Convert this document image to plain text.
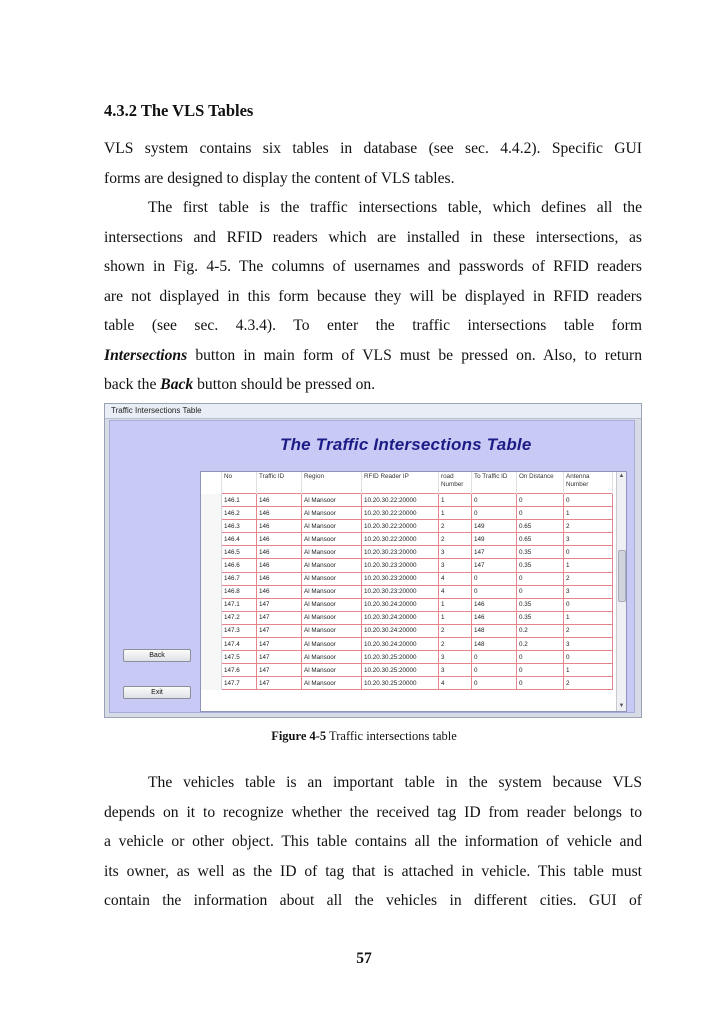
4.3.2 The VLS Tables
VLS system contains six tables in database (see sec. 4.4.2). Specific GUI
forms are designed to display the content of VLS tables.
The first table is the traffic intersections table, which defines all the
intersections and RFID readers which are installed in these intersections, as
shown in Fig. 4-5. The columns of usernames and passwords of RFID readers
are not displayed in this form because they will be displayed in RFID readers
table (see sec. 4.3.4). To enter the traffic intersections table form
Intersections button in main form of VLS must be pressed on. Also, to return
back the Back button should be pressed on.
Traffic Intersections Table
The Traffic Intersections Table
	No	Traffic ID	Region	RFID Reader IP	road Number	To Traffic ID	On Distance	Antenna Number
	146.1	146	Al Mansoor	10.20.30.22:20000	1	0	0	0
	146.2	146	Al Mansoor	10.20.30.22:20000	1	0	0	1
	146.3	146	Al Mansoor	10.20.30.22:20000	2	149	0.65	2
	146.4	146	Al Mansoor	10.20.30.22:20000	2	149	0.65	3
	146.5	146	Al Mansoor	10.20.30.23:20000	3	147	0.35	0
	146.6	146	Al Mansoor	10.20.30.23:20000	3	147	0.35	1
	146.7	146	Al Mansoor	10.20.30.23:20000	4	0	0	2
	146.8	146	Al Mansoor	10.20.30.23:20000	4	0	0	3
	147.1	147	Al Mansoor	10.20.30.24:20000	1	146	0.35	0
	147.2	147	Al Mansoor	10.20.30.24:20000	1	146	0.35	1
	147.3	147	Al Mansoor	10.20.30.24:20000	2	148	0.2	2
	147.4	147	Al Mansoor	10.20.30.24:20000	2	148	0.2	3
	147.5	147	Al Mansoor	10.20.30.25:20000	3	0	0	0
	147.6	147	Al Mansoor	10.20.30.25:20000	3	0	0	1
	147.7	147	Al Mansoor	10.20.30.25:20000	4	0	0	2
▲
▼
Back
Exit
Figure 4-5 Traffic intersections table
The vehicles table is an important table in the system because VLS
depends on it to recognize whether the received tag ID from reader belongs to
a vehicle or other object. This table contains all the information of vehicle and
its owner, as well as the ID of tag that is attached in vehicle. This table must
contain the information about all the vehicles in different cities. GUI of
57
